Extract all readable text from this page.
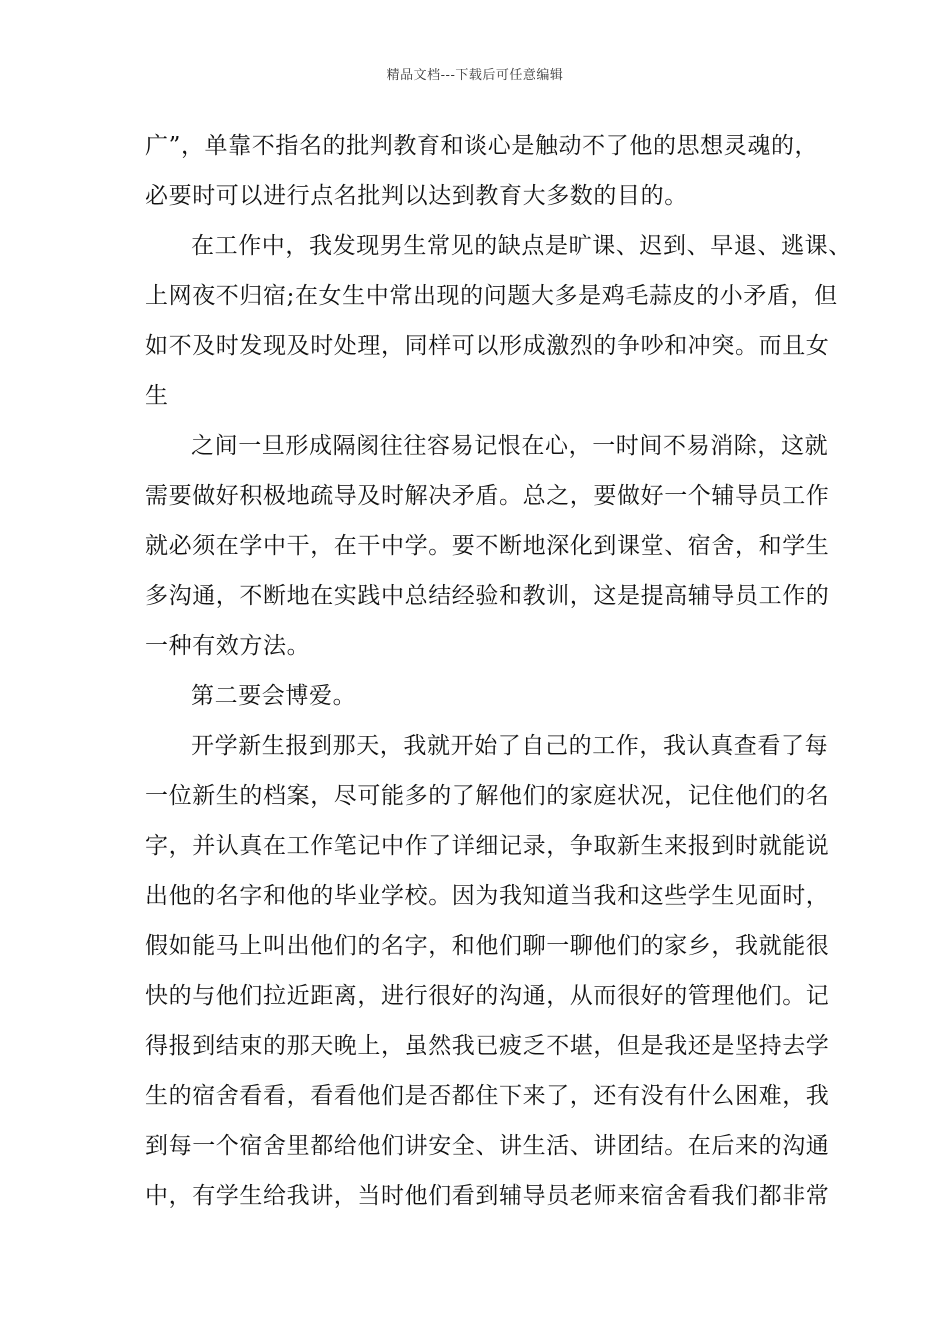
精品文档---下载后可任意编辑
广”，单靠不指名的批判教育和谈心是触动不了他的思想灵魂的，
必要时可以进行点名批判以达到教育大多数的目的。
在工作中，我发现男生常见的缺点是旷课、迟到、早退、逃课、
上网夜不归宿;在女生中常出现的问题大多是鸡毛蒜皮的小矛盾，但
如不及时发现及时处理，同样可以形成激烈的争吵和冲突。而且女
生
之间一旦形成隔阂往往容易记恨在心，一时间不易消除，这就
需要做好积极地疏导及时解决矛盾。总之，要做好一个辅导员工作
就必须在学中干，在干中学。要不断地深化到课堂、宿舍，和学生
多沟通，不断地在实践中总结经验和教训，这是提高辅导员工作的
一种有效方法。
第二要会博爱。
开学新生报到那天，我就开始了自己的工作，我认真查看了每
一位新生的档案，尽可能多的了解他们的家庭状况，记住他们的名
字，并认真在工作笔记中作了详细记录，争取新生来报到时就能说
出他的名字和他的毕业学校。因为我知道当我和这些学生见面时，
假如能马上叫出他们的名字，和他们聊一聊他们的家乡，我就能很
快的与他们拉近距离，进行很好的沟通，从而很好的管理他们。记
得报到结束的那天晚上，虽然我已疲乏不堪，但是我还是坚持去学
生的宿舍看看，看看他们是否都住下来了，还有没有什么困难，我
到每一个宿舍里都给他们讲安全、讲生活、讲团结。在后来的沟通
中，有学生给我讲，当时他们看到辅导员老师来宿舍看我们都非常
